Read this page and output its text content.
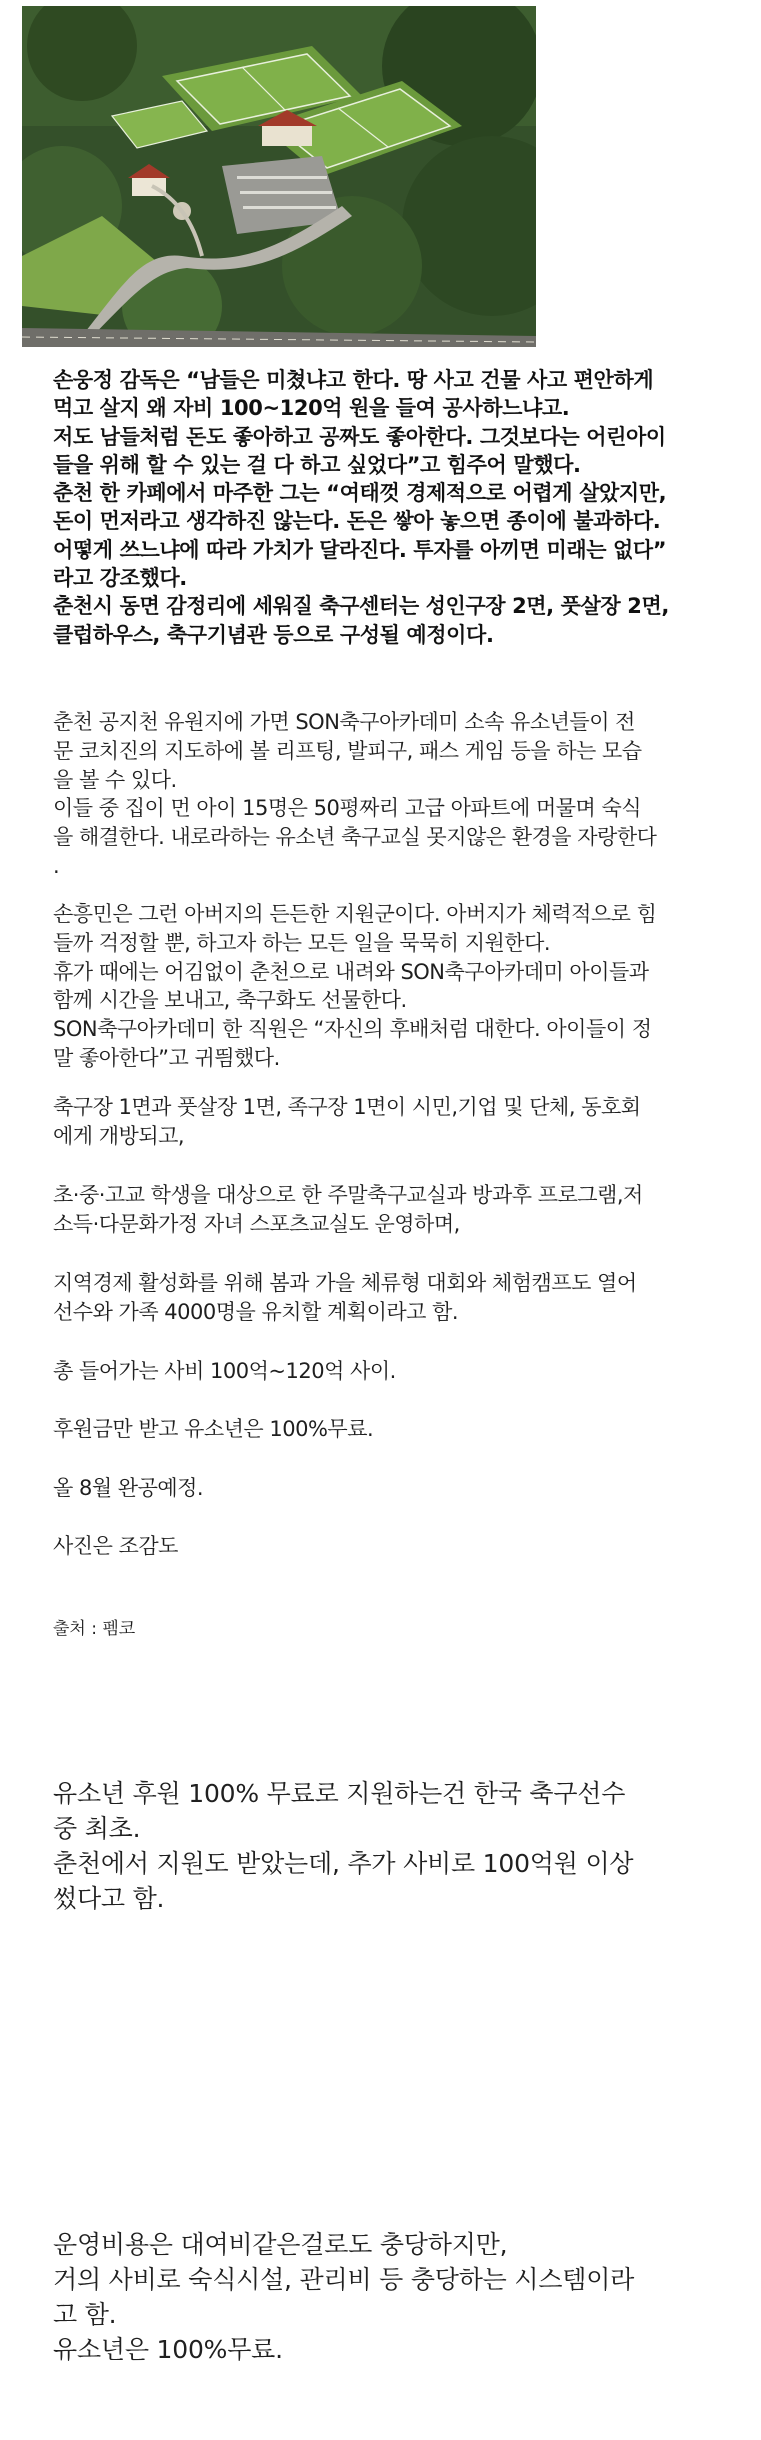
손웅정 감독은 “남들은 미쳤냐고 한다. 땅 사고 건물 사고 편안하게
먹고 살지 왜 자비 100~120억 원을 들여 공사하느냐고.
저도 남들처럼 돈도 좋아하고 공짜도 좋아한다. 그것보다는 어린아이
들을 위해 할 수 있는 걸 다 하고 싶었다”고 힘주어 말했다.
춘천 한 카페에서 마주한 그는 “여태껏 경제적으로 어렵게 살았지만,
돈이 먼저라고 생각하진 않는다. 돈은 쌓아 놓으면 종이에 불과하다.
어떻게 쓰느냐에 따라 가치가 달라진다. 투자를 아끼면 미래는 없다”
라고 강조했다.
춘천시 동면 감정리에 세워질 축구센터는 성인구장 2면, 풋살장 2면,
클럽하우스, 축구기념관 등으로 구성될 예정이다.

춘천 공지천 유원지에 가면 SON축구아카데미 소속 유소년들이 전
문 코치진의 지도하에 볼 리프팅, 발피구, 패스 게임 등을 하는 모습
을 볼 수 있다.
이들 중 집이 먼 아이 15명은 50평짜리 고급 아파트에 머물며 숙식
을 해결한다. 내로라하는 유소년 축구교실 못지않은 환경을 자랑한다
.

손흥민은 그런 아버지의 든든한 지원군이다. 아버지가 체력적으로 힘
들까 걱정할 뿐, 하고자 하는 모든 일을 묵묵히 지원한다.
휴가 때에는 어김없이 춘천으로 내려와 SON축구아카데미 아이들과
함께 시간을 보내고, 축구화도 선물한다.
SON축구아카데미 한 직원은 “자신의 후배처럼 대한다. 아이들이 정
말 좋아한다”고 귀띔했다.

축구장 1면과 풋살장 1면, 족구장 1면이 시민,기업 및 단체, 동호회
에게 개방되고,

초·중·고교 학생을 대상으로 한 주말축구교실과 방과후 프로그램,저
소득·다문화가정 자녀 스포츠교실도 운영하며,

지역경제 활성화를 위해 봄과 가을 체류형 대회와 체험캠프도 열어
선수와 가족 4000명을 유치할 계획이라고 함.

총 들어가는 사비 100억~120억 사이.

후원금만 받고 유소년은 100%무료.

올 8월 완공예정.

사진은 조감도

출처 : 펨코

유소년 후원 100% 무료로 지원하는건 한국 축구선수
중 최초.
춘천에서 지원도 받았는데, 추가 사비로 100억원 이상
썼다고 함.

운영비용은 대여비같은걸로도 충당하지만,
거의 사비로 숙식시설, 관리비 등 충당하는 시스템이라
고 함.
유소년은 100%무료.
